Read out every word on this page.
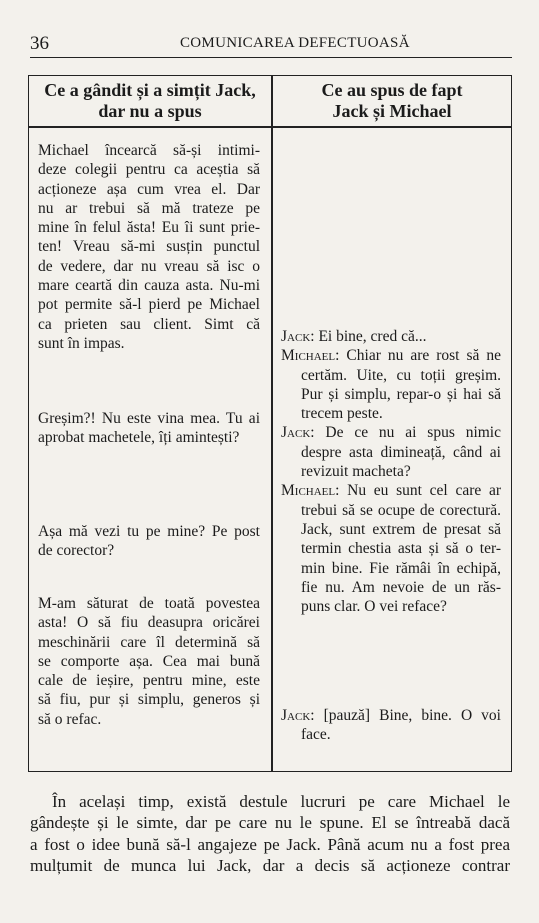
36	COMUNICAREA DEFECTUOASĂ
Ce a gândit și a simțit Jack,
dar nu a spus
Ce au spus de fapt
Jack și Michael
Michael încearcă să-și intimi-
deze colegii pentru ca aceștia să
acționeze așa cum vrea el. Dar
nu ar trebui să mă trateze pe
mine în felul ăsta! Eu îi sunt prie-
ten! Vreau să-mi susțin punctul
de vedere, dar nu vreau să isc o
mare ceartă din cauza asta. Nu-mi
pot permite să-l pierd pe Michael
ca prieten sau client. Simt că
sunt în impas.
Greșim?! Nu este vina mea. Tu ai
aprobat machetele, îți amintești?
Așa mă vezi tu pe mine? Pe post
de corector?
M-am săturat de toată povestea
asta! O să fiu deasupra oricărei
meschinării care îl determină să
se comporte așa. Cea mai bună
cale de ieșire, pentru mine, este
să fiu, pur și simplu, generos și
să o refac.
Jack: Ei bine, cred că...
Michael: Chiar nu are rost să ne
certăm. Uite, cu toții greșim.
Pur și simplu, repar-o și hai să
trecem peste.
Jack: De ce nu ai spus nimic
despre asta dimineață, când ai
revizuit macheta?
Michael: Nu eu sunt cel care ar
trebui să se ocupe de corectură.
Jack, sunt extrem de presat să
termin chestia asta și să o ter-
min bine. Fie rămâi în echipă,
fie nu. Am nevoie de un răs-
puns clar. O vei reface?
Jack: [pauză] Bine, bine. O voi
face.
În același timp, există destule lucruri pe care Michael le
gândește și le simte, dar pe care nu le spune. El se întreabă dacă
a fost o idee bună să-l angajeze pe Jack. Până acum nu a fost prea
mulțumit de munca lui Jack, dar a decis să acționeze contrar
